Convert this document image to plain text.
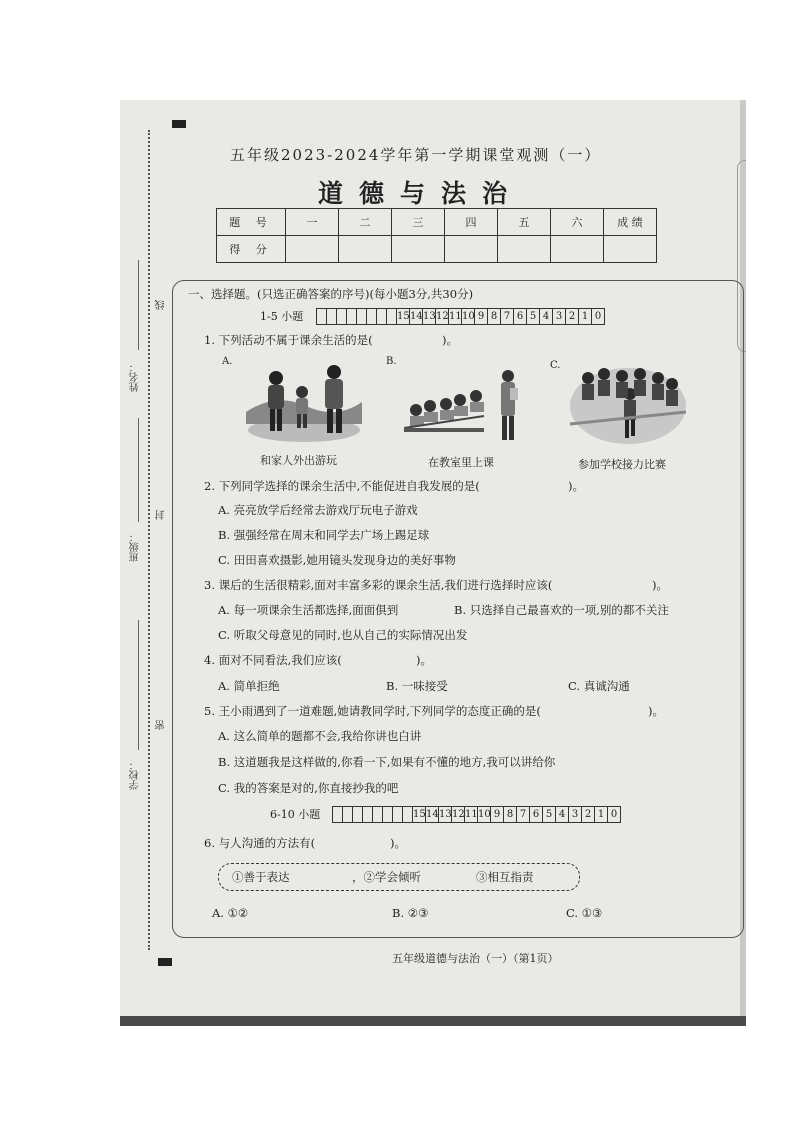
姓名：
线
班级：
封
学校：
密
五年级2023-2024学年第一学期课堂观测（一）
道德与法治
题 号	一	二	三	四	五	六	成 绩
得 分							
一、选择题。(只选正确答案的序号)(每小题3分,共30分)
1-5 小题	15 14 13 12 11 10 9 8 7 6 5 4 3 2 1 0
1. 下列活动不属于课余生活的是(	)。
A.	B.	C.
和家人外出游玩	在教室里上课	参加学校接力比赛
2. 下列同学选择的课余生活中,不能促进自我发展的是(	)。
A. 亮亮放学后经常去游戏厅玩电子游戏
B. 强强经常在周末和同学去广场上踢足球
C. 田田喜欢摄影,她用镜头发现身边的美好事物
3. 课后的生活很精彩,面对丰富多彩的课余生活,我们进行选择时应该(	)。
A. 每一项课余生活都选择,面面俱到	B. 只选择自己最喜欢的一项,别的都不关注
C. 听取父母意见的同时,也从自己的实际情况出发
4. 面对不同看法,我们应该(	)。
A. 简单拒绝	B. 一味接受	C. 真诚沟通
5. 王小雨遇到了一道难题,她请教同学时,下列同学的态度正确的是(	)。
A. 这么简单的题都不会,我给你讲也白讲
B. 这道题我是这样做的,你看一下,如果有不懂的地方,我可以讲给你
C. 我的答案是对的,你直接抄我的吧
6-10 小题	15 14 13 12 11 10 9 8 7 6 5 4 3 2 1 0
6. 与人沟通的方法有(	)。
①善于表达	，②学会倾听	③相互指责
A. ①②	B. ②③	C. ①③
五年级道德与法治（一）（第1页）
